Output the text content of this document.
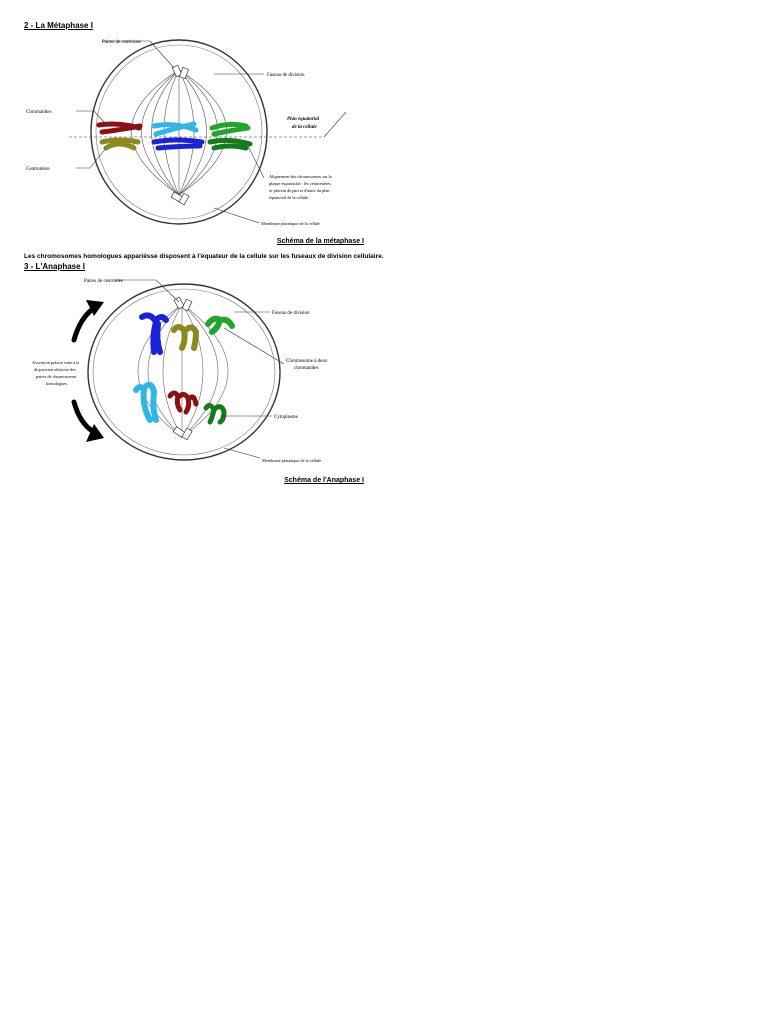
2 - La Métaphase I
Paires de centrioles
Fuseau de division
Chromatides
Centromère
Plan équatorial
de la cellule
Alignement des chromosomes sur la
plaque équatoriale : les centromères
se placent de part et d'autre du plan
équatorial de la cellule
Membrane plasmique de la cellule
Schéma de la métaphase I
Les chromosomes homologues appariésse disposent à l'équateur de la cellule sur les fuseaux de division cellulaire.
3 - L'Anaphase I
Paires de centrioles
Fuseau de division
Ascension polaire suite à la
disjonction aléatoire des
paires de chromosomes
homologues
Chromosome à deux
chromatides
Cytoplasme
Membrane plasmique de la cellule
Schéma de l'Anaphase I
